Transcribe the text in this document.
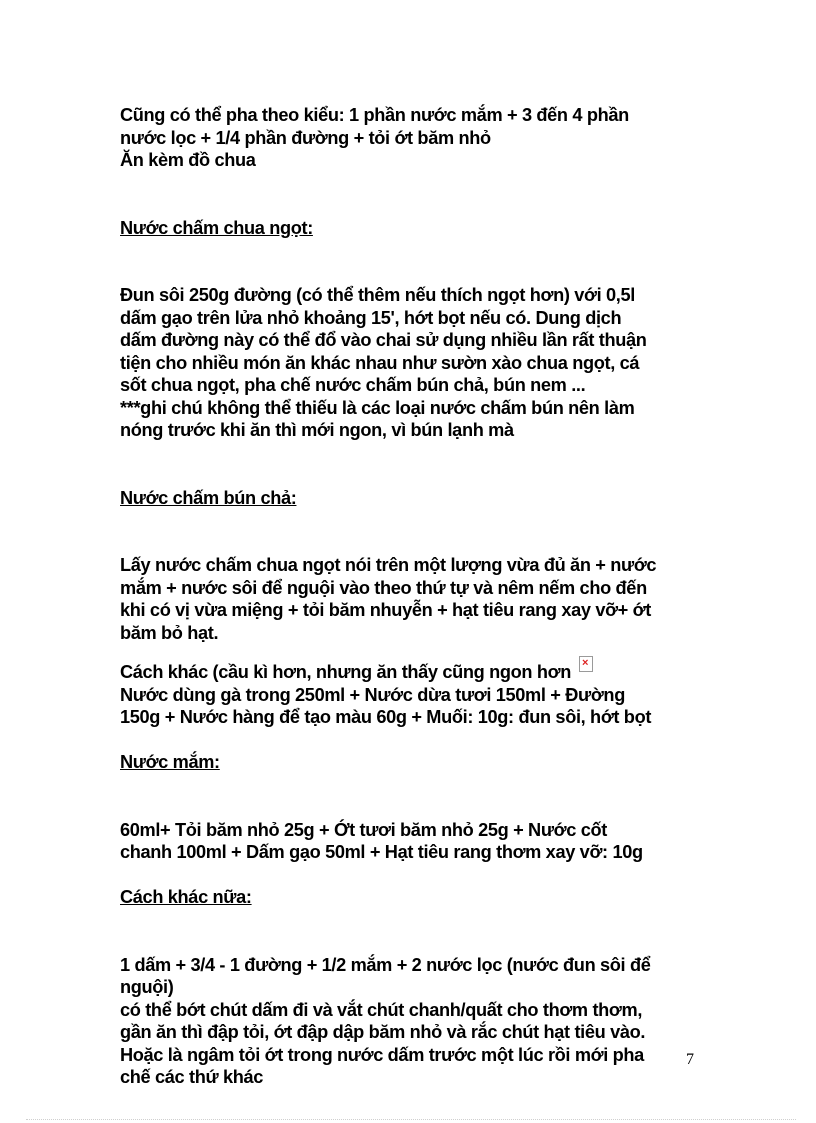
Cũng có thể pha theo kiểu: 1 phần nước mắm + 3 đến 4 phần

nước lọc + 1/4 phần đường + tỏi ớt băm nhỏ

Ăn kèm đồ chua

Nước chấm chua ngọt:

Đun sôi 250g đường (có thể thêm nếu thích ngọt hơn) với 0,5l

dấm gạo trên lửa nhỏ khoảng 15', hớt bọt nếu có. Dung dịch

dấm đường này có thể đổ vào chai sử dụng nhiều lần rất thuận

tiện cho nhiều món ăn khác nhau như sườn xào chua ngọt, cá

sốt chua ngọt, pha chế nước chấm bún chả, bún nem ...

***ghi chú không thể thiếu là các loại nước chấm bún nên làm

nóng trước khi ăn thì mới ngon, vì bún lạnh mà

Nước chấm bún chả:

Lấy nước chấm chua ngọt nói trên một lượng vừa đủ ăn + nước

mắm + nước sôi để nguội vào theo thứ tự và nêm nếm cho đến

khi có vị vừa miệng + tỏi băm nhuyễn + hạt tiêu rang xay vỡ+ ớt

băm bỏ hạt.

Cách khác (cầu kì hơn, nhưng ăn thấy cũng ngon hơn×

Nước dùng gà trong 250ml + Nước dừa tươi 150ml + Đường

150g + Nước hàng để tạo màu 60g + Muối: 10g: đun sôi, hớt bọt

Nước mắm:

60ml+ Tỏi băm nhỏ 25g + Ớt tươi băm nhỏ 25g + Nước cốt

chanh 100ml + Dấm gạo 50ml + Hạt tiêu rang thơm xay vỡ: 10g

Cách khác nữa:

1 dấm + 3/4 - 1 đường + 1/2 mắm + 2 nước lọc (nước đun sôi để

nguội)

có thể bớt chút dấm đi và vắt chút chanh/quất cho thơm thơm,

gần ăn thì đập tỏi, ớt đập dập băm nhỏ và rắc chút hạt tiêu vào.

Hoặc là ngâm tỏi ớt trong nước dấm trước một lúc rồi mới pha

chế các thứ khác

7
